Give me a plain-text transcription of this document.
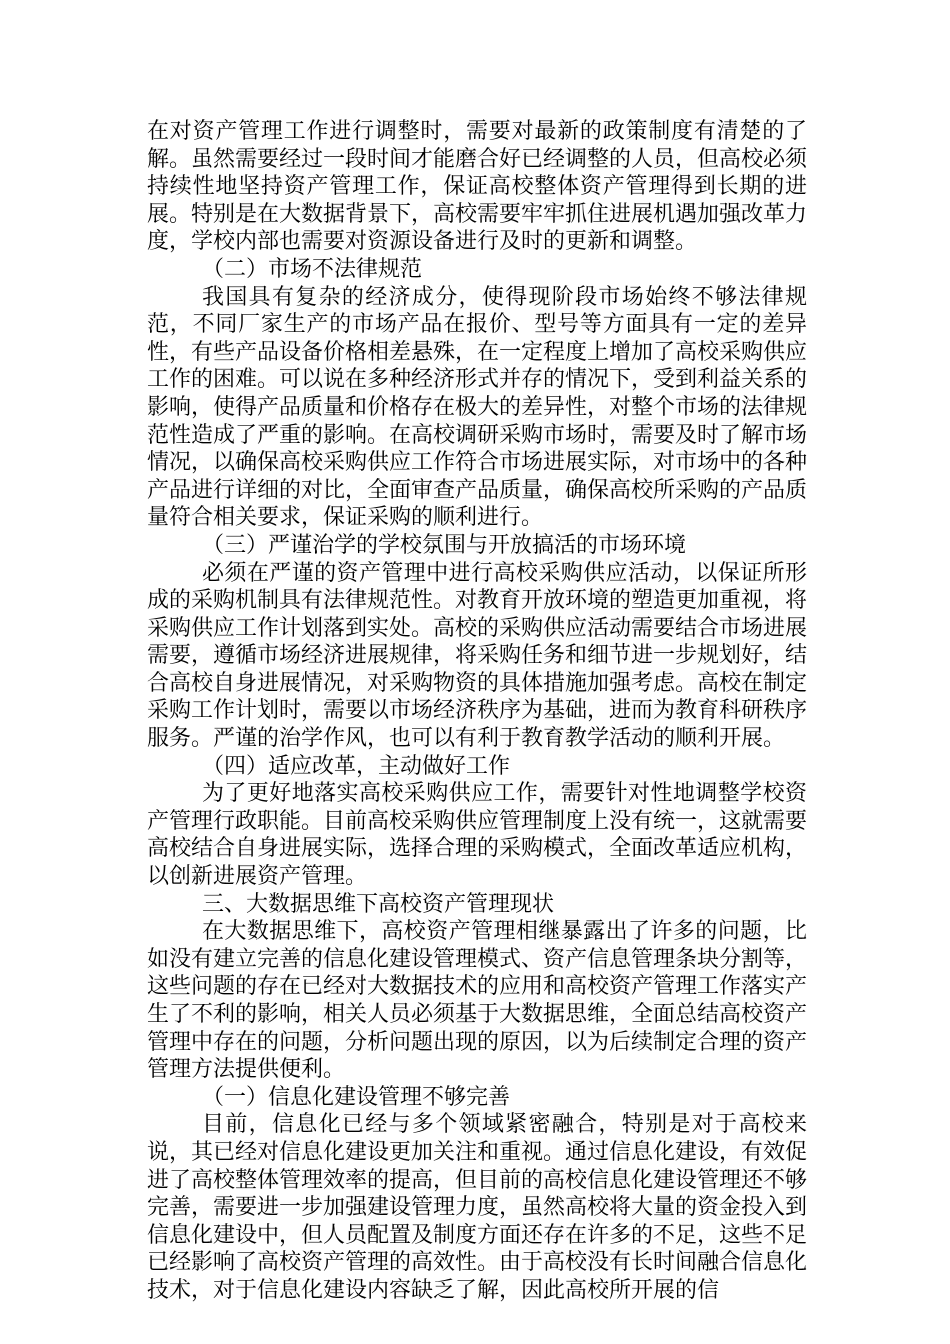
在对资产管理工作进行调整时，需要对最新的政策制度有清楚的了解。虽然需要经过一段时间才能磨合好已经调整的人员，但高校必须持续性地坚持资产管理工作，保证高校整体资产管理得到长期的进展。特别是在大数据背景下，高校需要牢牢抓住进展机遇加强改革力度，学校内部也需要对资源设备进行及时的更新和调整。

（二）市场不法律规范

我国具有复杂的经济成分，使得现阶段市场始终不够法律规范，不同厂家生产的市场产品在报价、型号等方面具有一定的差异性，有些产品设备价格相差悬殊，在一定程度上增加了高校采购供应工作的困难。可以说在多种经济形式并存的情况下，受到利益关系的影响，使得产品质量和价格存在极大的差异性，对整个市场的法律规范性造成了严重的影响。在高校调研采购市场时，需要及时了解市场情况，以确保高校采购供应工作符合市场进展实际，对市场中的各种产品进行详细的对比，全面审查产品质量，确保高校所采购的产品质量符合相关要求，保证采购的顺利进行。

（三）严谨治学的学校氛围与开放搞活的市场环境

必须在严谨的资产管理中进行高校采购供应活动，以保证所形成的采购机制具有法律规范性。对教育开放环境的塑造更加重视，将采购供应工作计划落到实处。高校的采购供应活动需要结合市场进展需要，遵循市场经济进展规律，将采购任务和细节进一步规划好，结合高校自身进展情况，对采购物资的具体措施加强考虑。高校在制定采购工作计划时，需要以市场经济秩序为基础，进而为教育科研秩序服务。严谨的治学作风，也可以有利于教育教学活动的顺利开展。

（四）适应改革，主动做好工作

为了更好地落实高校采购供应工作，需要针对性地调整学校资产管理行政职能。目前高校采购供应管理制度上没有统一，这就需要高校结合自身进展实际，选择合理的采购模式，全面改革适应机构，以创新进展资产管理。

三、大数据思维下高校资产管理现状

在大数据思维下，高校资产管理相继暴露出了许多的问题，比如没有建立完善的信息化建设管理模式、资产信息管理条块分割等，这些问题的存在已经对大数据技术的应用和高校资产管理工作落实产生了不利的影响，相关人员必须基于大数据思维，全面总结高校资产管理中存在的问题，分析问题出现的原因，以为后续制定合理的资产管理方法提供便利。

（一）信息化建设管理不够完善

目前，信息化已经与多个领域紧密融合，特别是对于高校来说，其已经对信息化建设更加关注和重视。通过信息化建设，有效促进了高校整体管理效率的提高，但目前的高校信息化建设管理还不够完善，需要进一步加强建设管理力度，虽然高校将大量的资金投入到信息化建设中，但人员配置及制度方面还存在许多的不足，这些不足已经影响了高校资产管理的高效性。由于高校没有长时间融合信息化技术，对于信息化建设内容缺乏了解，因此高校所开展的信
